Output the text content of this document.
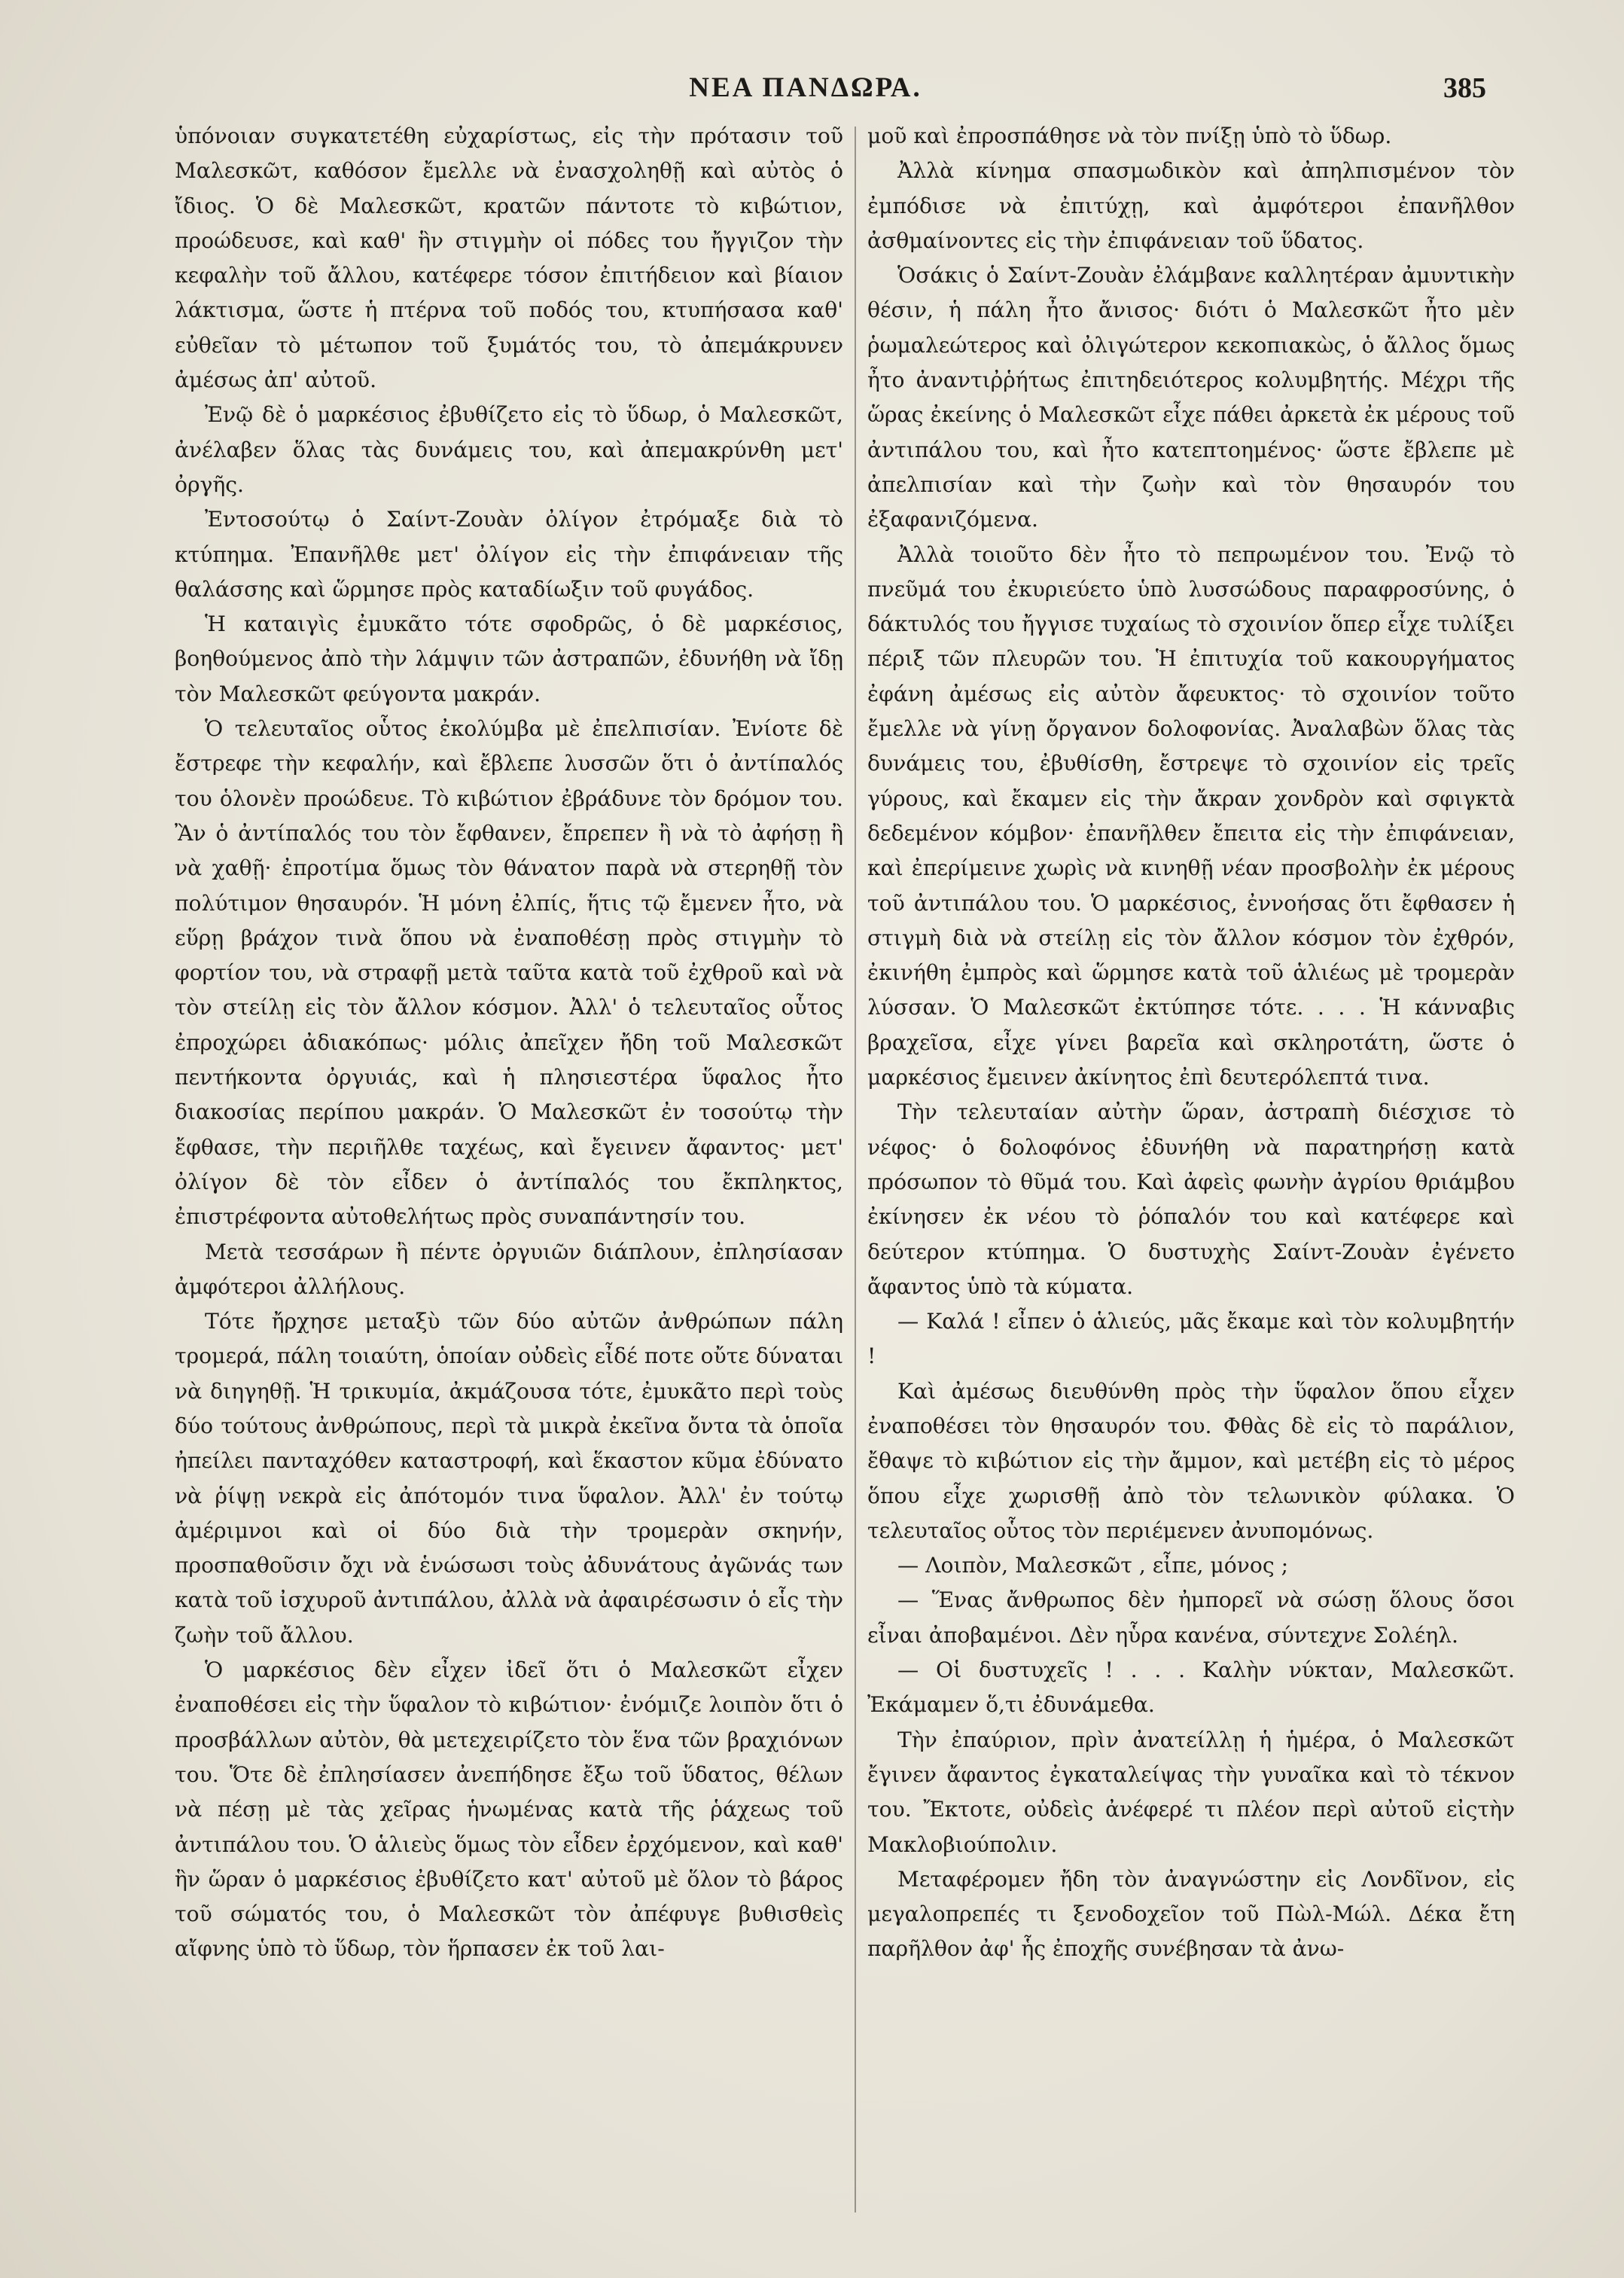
ΝΕΑ ΠΑΝΔΩΡΑ.	385

ὑπόνοιαν συγκατετέθη εὐχαρίστως, εἰς τὴν πρότασιν τοῦ Μαλεσκῶτ, καθόσον ἔμελλε νὰ ἐνασχοληθῇ καὶ αὐτὸς ὁ ἴδιος. Ὁ δὲ Μαλεσκῶτ, κρατῶν πάντοτε τὸ κιβώτιον, προώδευσε, καὶ καθ' ἣν στιγμὴν οἱ πόδες του ἤγγιζον τὴν κεφαλὴν τοῦ ἄλλου, κατέφερε τόσον ἐπιτήδειον καὶ βίαιον λάκτισμα, ὥστε ἡ πτέρνα τοῦ ποδός του, κτυπήσασα καθ' εὐθεῖαν τὸ μέτωπον τοῦ ξυμάτός του, τὸ ἀπεμάκρυνεν ἀμέσως ἀπ' αὐτοῦ.

Ἐνῷ δὲ ὁ μαρκέσιος ἐβυθίζετο εἰς τὸ ὕδωρ, ὁ Μαλεσκῶτ, ἀνέλαβεν ὅλας τὰς δυνάμεις του, καὶ ἀπεμακρύνθη μετ' ὀργῆς.

Ἐντοσούτῳ ὁ Σαίντ-Ζουὰν ὀλίγον ἐτρόμαξε διὰ τὸ κτύπημα. Ἐπανῆλθε μετ' ὀλίγον εἰς τὴν ἐπιφάνειαν τῆς θαλάσσης καὶ ὥρμησε πρὸς καταδίωξιν τοῦ φυγάδος.

Ἡ καταιγὶς ἐμυκᾶτο τότε σφοδρῶς, ὁ δὲ μαρκέσιος, βοηθούμενος ἀπὸ τὴν λάμψιν τῶν ἀστραπῶν, ἐδυνήθη νὰ ἴδῃ τὸν Μαλεσκῶτ φεύγοντα μακράν.

Ὁ τελευταῖος οὗτος ἐκολύμβα μὲ ἐπελπισίαν. Ἐνίοτε δὲ ἔστρεφε τὴν κεφαλήν, καὶ ἔβλεπε λυσσῶν ὅτι ὁ ἀντίπαλός του ὁλονὲν προώδευε. Τὸ κιβώτιον ἐβράδυνε τὸν δρόμον του. Ἂν ὁ ἀντίπαλός του τὸν ἔφθανεν, ἔπρεπεν ἢ νὰ τὸ ἀφήσῃ ἢ νὰ χαθῇ· ἐπροτίμα ὅμως τὸν θάνατον παρὰ νὰ στερηθῇ τὸν πολύτιμον θησαυρόν. Ἡ μόνη ἐλπίς, ἥτις τῷ ἔμενεν ἦτο, νὰ εὕρῃ βράχον τινὰ ὅπου νὰ ἐναποθέσῃ πρὸς στιγμὴν τὸ φορτίον του, νὰ στραφῇ μετὰ ταῦτα κατὰ τοῦ ἐχθροῦ καὶ νὰ τὸν στείλῃ εἰς τὸν ἄλλον κόσμον. Ἀλλ' ὁ τελευταῖος οὗτος ἐπροχώρει ἀδιακόπως· μόλις ἀπεῖχεν ἤδη τοῦ Μαλεσκῶτ πεντήκοντα ὀργυιάς, καὶ ἡ πλησιεστέρα ὕφαλος ἦτο διακοσίας περίπου μακράν. Ὁ Μαλεσκῶτ ἐν τοσούτῳ τὴν ἔφθασε, τὴν περιῆλθε ταχέως, καὶ ἔγεινεν ἄφαντος· μετ' ὀλίγον δὲ τὸν εἶδεν ὁ ἀντίπαλός του ἔκπληκτος, ἐπιστρέφοντα αὐτοθελήτως πρὸς συναπάντησίν του.

Μετὰ τεσσάρων ἢ πέντε ὀργυιῶν διάπλουν, ἐπλησίασαν ἀμφότεροι ἀλλήλους.

Τότε ἤρχησε μεταξὺ τῶν δύο αὐτῶν ἀνθρώπων πάλη τρομερά, πάλη τοιαύτη, ὁποίαν οὐδεὶς εἶδέ ποτε οὔτε δύναται νὰ διηγηθῇ. Ἡ τρικυμία, ἀκμάζουσα τότε, ἐμυκᾶτο περὶ τοὺς δύο τούτους ἀνθρώπους, περὶ τὰ μικρὰ ἐκεῖνα ὄντα τὰ ὁποῖα ἠπείλει πανταχόθεν καταστροφή, καὶ ἕκαστον κῦμα ἐδύνατο νὰ ῥίψῃ νεκρὰ εἰς ἀπότομόν τινα ὕφαλον. Ἀλλ' ἐν τούτῳ ἀμέριμνοι καὶ οἱ δύο διὰ τὴν τρομερὰν σκηνήν, προσπαθοῦσιν ὄχι νὰ ἑνώσωσι τοὺς ἀδυνάτους ἀγῶνάς των κατὰ τοῦ ἰσχυροῦ ἀντιπάλου, ἀλλὰ νὰ ἀφαιρέσωσιν ὁ εἷς τὴν ζωὴν τοῦ ἄλλου.

Ὁ μαρκέσιος δὲν εἶχεν ἰδεῖ ὅτι ὁ Μαλεσκῶτ εἶχεν ἐναποθέσει εἰς τὴν ὕφαλον τὸ κιβώτιον· ἐνόμιζε λοιπὸν ὅτι ὁ προσβάλλων αὐτὸν, θὰ μετεχειρίζετο τὸν ἕνα τῶν βραχιόνων του. Ὅτε δὲ ἐπλησίασεν ἀνεπήδησε ἔξω τοῦ ὕδατος, θέλων νὰ πέσῃ μὲ τὰς χεῖρας ἡνωμένας κατὰ τῆς ῥάχεως τοῦ ἀντιπάλου του. Ὁ ἁλιεὺς ὅμως τὸν εἶδεν ἐρχόμενον, καὶ καθ' ἣν ὥραν ὁ μαρκέσιος ἐβυθίζετο κατ' αὐτοῦ μὲ ὅλον τὸ βάρος τοῦ σώματός του, ὁ Μαλεσκῶτ τὸν ἀπέφυγε βυθισθεὶς αἴφνης ὑπὸ τὸ ὕδωρ, τὸν ἥρπασεν ἐκ τοῦ λαι-

μοῦ καὶ ἐπροσπάθησε νὰ τὸν πνίξῃ ὑπὸ τὸ ὕδωρ.

Ἀλλὰ κίνημα σπασμωδικὸν καὶ ἀπηλπισμένον τὸν ἐμπόδισε νὰ ἐπιτύχῃ, καὶ ἀμφότεροι ἐπανῆλθον ἀσθμαίνοντες εἰς τὴν ἐπιφάνειαν τοῦ ὕδατος.

Ὁσάκις ὁ Σαίντ-Ζουὰν ἐλάμβανε καλλητέραν ἀμυντικὴν θέσιν, ἡ πάλη ἦτο ἄνισος· διότι ὁ Μαλεσκῶτ ἦτο μὲν ῥωμαλεώτερος καὶ ὀλιγώτερον κεκοπιακὼς, ὁ ἄλλος ὅμως ἦτο ἀναντιῤῥήτως ἐπιτηδειότερος κολυμβητής. Μέχρι τῆς ὥρας ἐκείνης ὁ Μαλεσκῶτ εἶχε πάθει ἀρκετὰ ἐκ μέρους τοῦ ἀντιπάλου του, καὶ ἦτο κατεπτοημένος· ὥστε ἔβλεπε μὲ ἀπελπισίαν καὶ τὴν ζωὴν καὶ τὸν θησαυρόν του ἐξαφανιζόμενα.

Ἀλλὰ τοιοῦτο δὲν ἦτο τὸ πεπρωμένον του. Ἐνῷ τὸ πνεῦμά του ἐκυριεύετο ὑπὸ λυσσώδους παραφροσύνης, ὁ δάκτυλός του ἤγγισε τυχαίως τὸ σχοινίον ὅπερ εἶχε τυλίξει πέριξ τῶν πλευρῶν του. Ἡ ἐπιτυχία τοῦ κακουργήματος ἐφάνη ἀμέσως εἰς αὐτὸν ἄφευκτος· τὸ σχοινίον τοῦτο ἔμελλε νὰ γίνῃ ὄργανον δολοφονίας. Ἀναλαβὼν ὅλας τὰς δυνάμεις του, ἐβυθίσθη, ἔστρεψε τὸ σχοινίον εἰς τρεῖς γύρους, καὶ ἔκαμεν εἰς τὴν ἄκραν χονδρὸν καὶ σφιγκτὰ δεδεμένον κόμβον· ἐπανῆλθεν ἔπειτα εἰς τὴν ἐπιφάνειαν, καὶ ἐπερίμεινε χωρὶς νὰ κινηθῇ νέαν προσβολὴν ἐκ μέρους τοῦ ἀντιπάλου του. Ὁ μαρκέσιος, ἐννοήσας ὅτι ἔφθασεν ἡ στιγμὴ διὰ νὰ στείλῃ εἰς τὸν ἄλλον κόσμον τὸν ἐχθρόν, ἐκινήθη ἐμπρὸς καὶ ὥρμησε κατὰ τοῦ ἁλιέως μὲ τρομερὰν λύσσαν. Ὁ Μαλεσκῶτ ἐκτύπησε τότε. . . . Ἡ κάνναβις βραχεῖσα, εἶχε γίνει βαρεῖα καὶ σκληροτάτη, ὥστε ὁ μαρκέσιος ἔμεινεν ἀκίνητος ἐπὶ δευτερόλεπτά τινα.

Τὴν τελευταίαν αὐτὴν ὥραν, ἀστραπὴ διέσχισε τὸ νέφος· ὁ δολοφόνος ἐδυνήθη νὰ παρατηρήσῃ κατὰ πρόσωπον τὸ θῦμά του. Καὶ ἀφεὶς φωνὴν ἀγρίου θριάμβου ἐκίνησεν ἐκ νέου τὸ ῥόπαλόν του καὶ κατέφερε καὶ δεύτερον κτύπημα. Ὁ δυστυχὴς Σαίντ-Ζουὰν ἐγένετο ἄφαντος ὑπὸ τὰ κύματα.

— Καλά ! εἶπεν ὁ ἁλιεύς, μᾶς ἔκαμε καὶ τὸν κολυμβητήν !

Καὶ ἀμέσως διευθύνθη πρὸς τὴν ὕφαλον ὅπου εἶχεν ἐναποθέσει τὸν θησαυρόν του. Φθὰς δὲ εἰς τὸ παράλιον, ἔθαψε τὸ κιβώτιον εἰς τὴν ἄμμον, καὶ μετέβη εἰς τὸ μέρος ὅπου εἶχε χωρισθῇ ἀπὸ τὸν τελωνικὸν φύλακα. Ὁ τελευταῖος οὗτος τὸν περιέμενεν ἀνυπομόνως.

— Λοιπὸν, Μαλεσκῶτ , εἶπε, μόνος ;

— Ἕνας ἄνθρωπος δὲν ἠμπορεῖ νὰ σώσῃ ὅλους ὅσοι εἶναι ἀποβαμένοι. Δὲν ηὗρα κανένα, σύντεχνε Σολέηλ.

— Οἱ δυστυχεῖς ! . . . Καλὴν νύκταν, Μαλεσκῶτ. Ἐκάμαμεν ὅ,τι ἐδυνάμεθα.

Τὴν ἐπαύριον, πρὶν ἀνατείλλῃ ἡ ἡμέρα, ὁ Μαλεσκῶτ ἔγινεν ἄφαντος ἐγκαταλείψας τὴν γυναῖκα καὶ τὸ τέκνον του. Ἔκτοτε, οὐδεὶς ἀνέφερέ τι πλέον περὶ αὐτοῦ εἰςτὴν Μακλοβιούπολιν.

Μεταφέρομεν ἤδη τὸν ἀναγνώστην εἰς Λονδῖνον, εἰς μεγαλοπρεπές τι ξενοδοχεῖον τοῦ Πὼλ-Μώλ. Δέκα ἔτη παρῆλθον ἀφ' ἧς ἐποχῆς συνέβησαν τὰ ἀνω-
